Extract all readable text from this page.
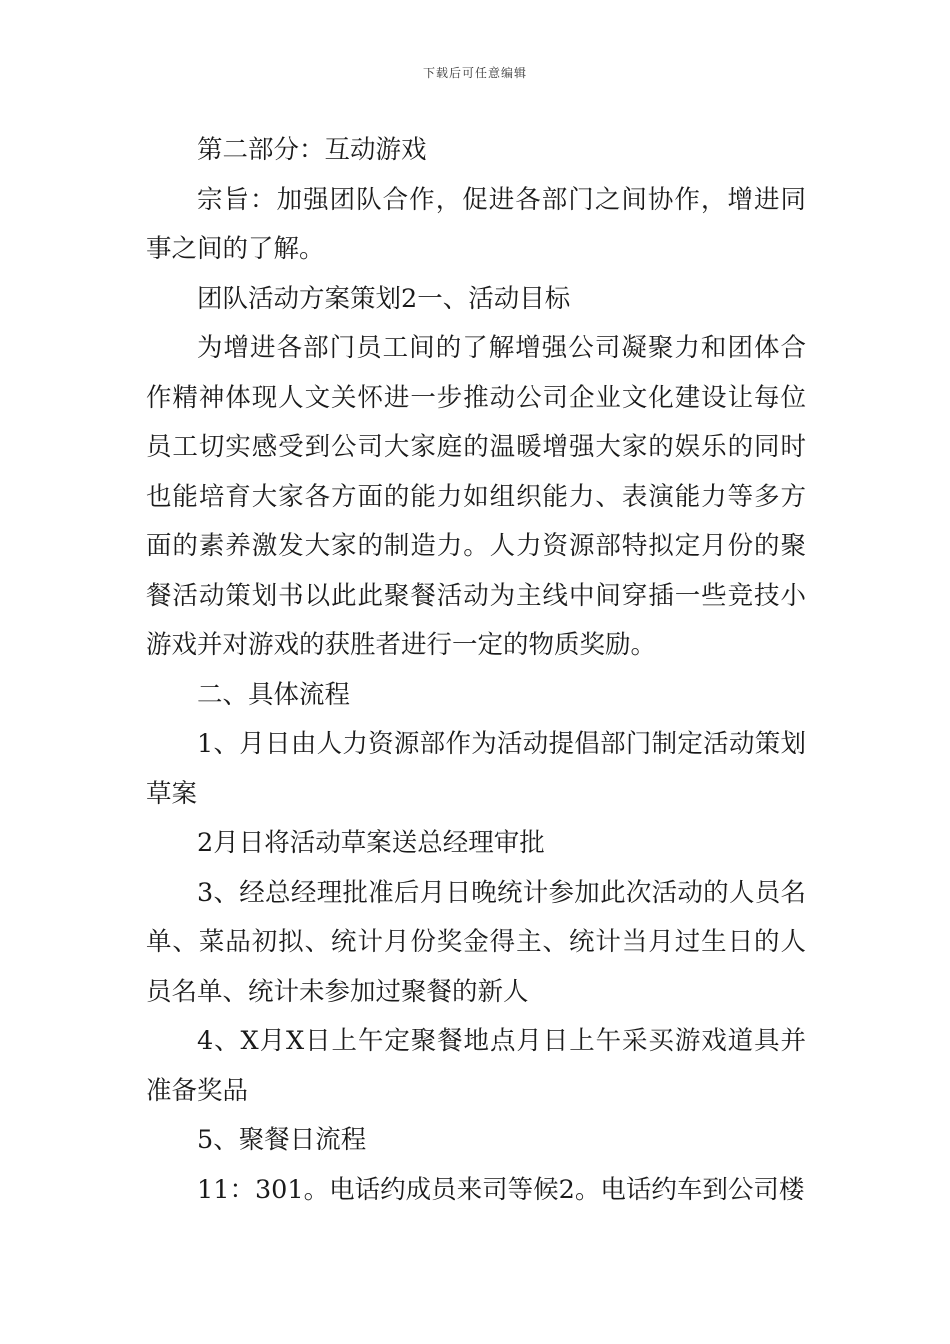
下载后可任意编辑

第二部分：互动游戏

宗旨：加强团队合作，促进各部门之间协作，增进同事之间的了解。

团队活动方案策划2一、活动目标

为增进各部门员工间的了解增强公司凝聚力和团体合作精神体现人文关怀进一步推动公司企业文化建设让每位员工切实感受到公司大家庭的温暖增强大家的娱乐的同时也能培育大家各方面的能力如组织能力、表演能力等多方面的素养激发大家的制造力。人力资源部特拟定月份的聚餐活动策划书以此此聚餐活动为主线中间穿插一些竞技小游戏并对游戏的获胜者进行一定的物质奖励。

二、具体流程

1、月日由人力资源部作为活动提倡部门制定活动策划草案

2月日将活动草案送总经理审批

3、经总经理批准后月日晚统计参加此次活动的人员名单、菜品初拟、统计月份奖金得主、统计当月过生日的人员名单、统计未参加过聚餐的新人

4、X月X日上午定聚餐地点月日上午采买游戏道具并准备奖品

5、聚餐日流程

11：301。电话约成员来司等候2。电话约车到公司楼
